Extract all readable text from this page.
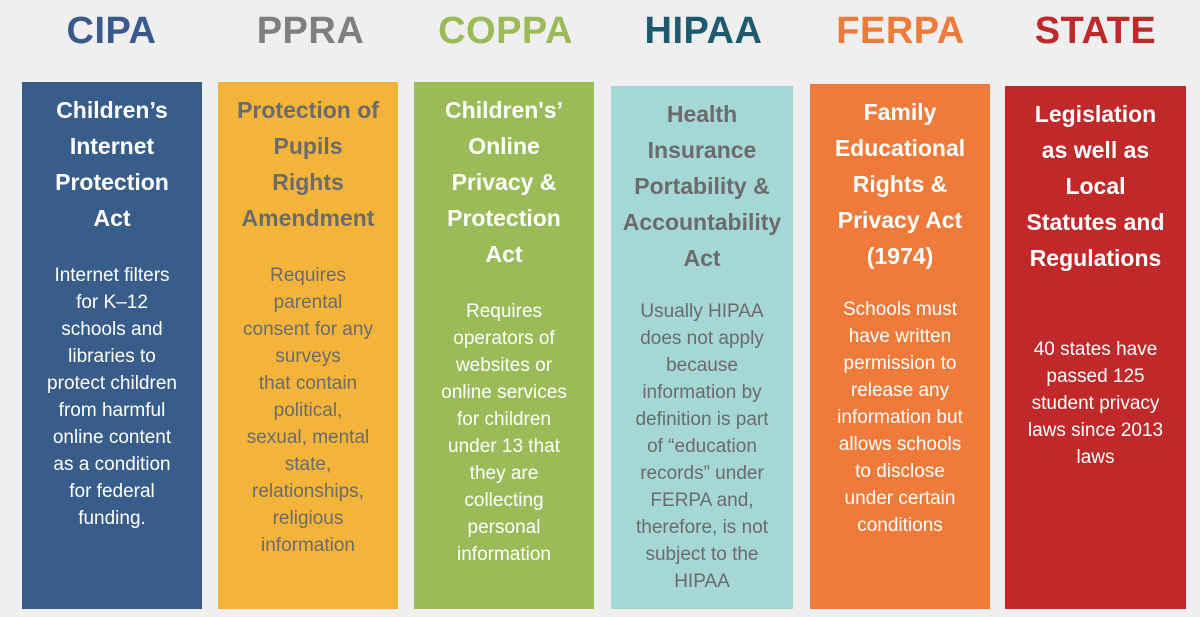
CIPA
Children’s
Internet
Protection
Act
Internet filters
for K–12
schools and
libraries to
protect children
from harmful
online content
as a condition
for federal
funding.
PPRA
Protection of
Pupils
Rights
Amendment
Requires
parental
consent for any
surveys
that contain
political,
sexual, mental
state,
relationships,
religious
information
COPPA
Children's’
Online
Privacy &
Protection
Act
Requires
operators of
websites or
online services
for children
under 13 that
they are
collecting
personal
information
HIPAA
Health
Insurance
Portability &
Accountability
Act
Usually HIPAA
does not apply
because
information by
definition is part
of “education
records” under
FERPA and,
therefore, is not
subject to the
HIPAA
FERPA
Family
Educational
Rights &
Privacy Act
(1974)
Schools must
have written
permission to
release any
information but
allows schools
to disclose
under certain
conditions
STATE
Legislation
as well as
Local
Statutes and
Regulations
40 states have
passed 125
student privacy
laws since 2013
laws
